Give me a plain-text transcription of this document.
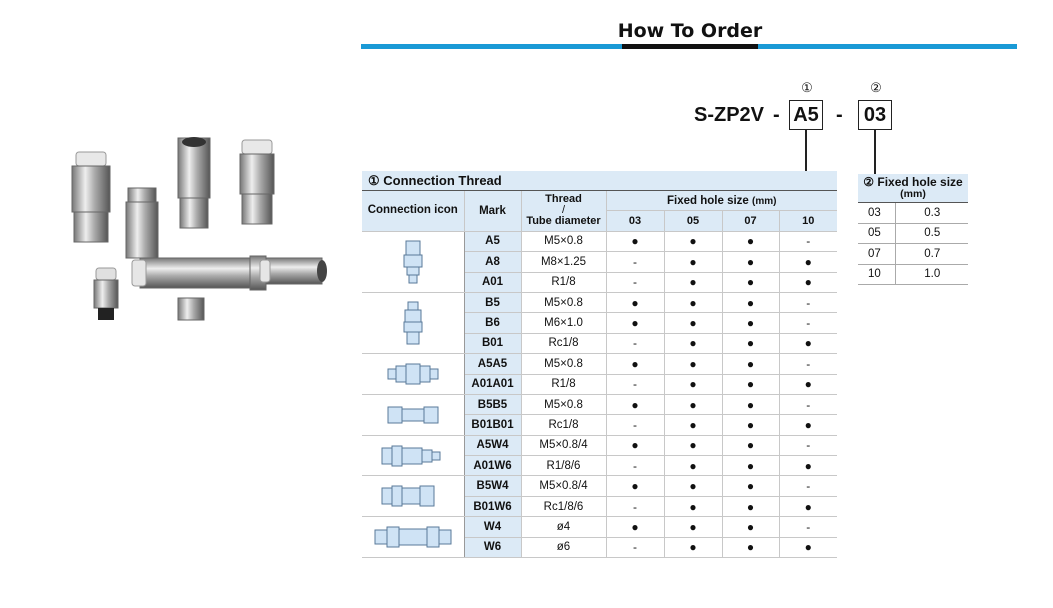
How To Order
①	②
S-ZP2V - A5 - 03
① Connection Thread						
Connection icon	Mark	Thread
/
Tube diameter	Fixed hole size (mm)			
			03	05	07	10

	A5	M5×0.8	●	●	●	-
	A8	M8×1.25	-	●	●	●
	A01	R1/8	-	●	●	●

	B5	M5×0.8	●	●	●	-
	B6	M6×1.0	●	●	●	-
	B01	Rc1/8	-	●	●	●

	A5A5	M5×0.8	●	●	●	-
	A01A01	R1/8	-	●	●	●

	B5B5	M5×0.8	●	●	●	-
	B01B01	Rc1/8	-	●	●	●

	A5W4	M5×0.8/4	●	●	●	-
	A01W6	R1/8/6	-	●	●	●

	B5W4	M5×0.8/4	●	●	●	-
	B01W6	Rc1/8/6	-	●	●	●

	W4	ø4	●	●	●	-
	W6	ø6	-	●	●	●
② Fixed hole size
(mm)	

03	0.3
05	0.5
07	0.7
10	1.0
